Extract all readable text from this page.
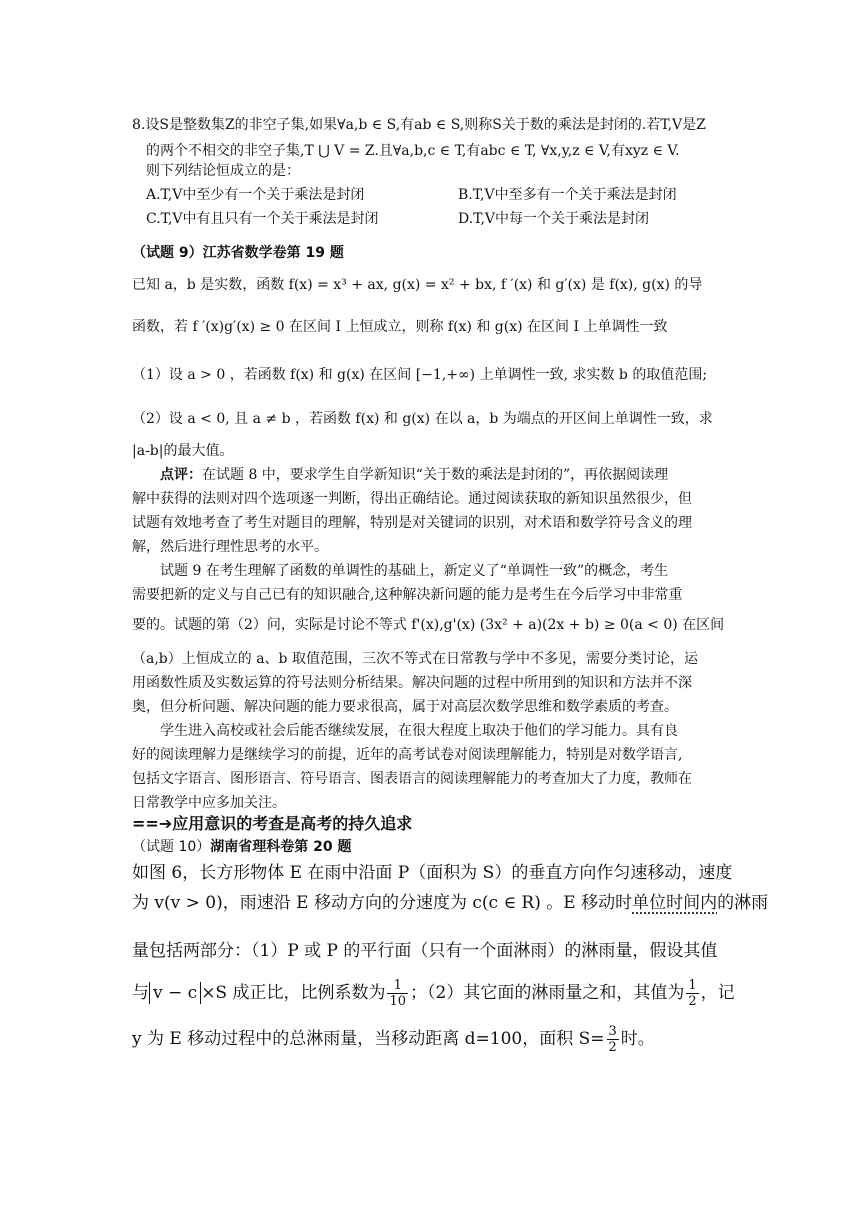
8.设S是整数集Z的非空子集,如果∀a,b ∈ S,有ab ∈ S,则称S关于数的乘法是封闭的.若T,V是Z
的两个不相交的非空子集,T ⋃ V = Z.且∀a,b,c ∈ T,有abc ∈ T, ∀x,y,z ∈ V,有xyz ∈ V.
则下列结论恒成立的是：
A.T,V中至少有一个关于乘法是封闭	B.T,V中至多有一个关于乘法是封闭
C.T,V中有且只有一个关于乘法是封闭	D.T,V中每一个关于乘法是封闭
（试题 9）江苏省数学卷第 19 题
已知 a，b 是实数，函数 f(x) = x³ + ax, g(x) = x² + bx, f ′(x) 和 g′(x) 是 f(x), g(x) 的导
函数，若 f ′(x)g′(x) ≥ 0 在区间 I 上恒成立，则称 f(x) 和 g(x) 在区间 I 上单调性一致
（1）设 a > 0 ，若函数 f(x) 和 g(x) 在区间 [−1,+∞) 上单调性一致, 求实数 b 的取值范围;
（2）设 a < 0, 且 a ≠ b ，若函数 f(x) 和 g(x) 在以 a，b 为端点的开区间上单调性一致，求
|a-b|的最大值。
点评：在试题 8 中，要求学生自学新知识“关于数的乘法是封闭的”，再依据阅读理
解中获得的法则对四个选项逐一判断，得出正确结论。通过阅读获取的新知识虽然很少，但
试题有效地考查了考生对题目的理解，特别是对关键词的识别，对术语和数学符号含义的理
解，然后进行理性思考的水平。
试题 9 在考生理解了函数的单调性的基础上，新定义了“单调性一致”的概念，考生
需要把新的定义与自己已有的知识融合,这种解决新问题的能力是考生在今后学习中非常重
要的。试题的第（2）问，实际是讨论不等式 f'(x),g'(x) (3x² + a)(2x + b) ≥ 0(a < 0) 在区间
（a,b）上恒成立的 a、b 取值范围，三次不等式在日常教与学中不多见，需要分类讨论，运
用函数性质及实数运算的符号法则分析结果。解决问题的过程中所用到的知识和方法并不深
奥，但分析问题、解决问题的能力要求很高，属于对高层次数学思维和数学素质的考查。
学生进入高校或社会后能否继续发展，在很大程度上取决于他们的学习能力。具有良
好的阅读理解力是继续学习的前提，近年的高考试卷对阅读理解能力，特别是对数学语言,
包括文字语言、图形语言、符号语言、图表语言的阅读理解能力的考查加大了力度，教师在
日常教学中应多加关注。
==➔应用意识的考查是高考的持久追求
（试题 10）湖南省理科卷第 20 题
如图 6，长方形物体 E 在雨中沿面 P（面积为 S）的垂直方向作匀速移动，速度
为 v(v > 0)，雨速沿 E 移动方向的分速度为 c(c ∈ R) 。E 移动时单位时间内的淋雨
量包括两部分：（1）P 或 P 的平行面（只有一个面淋雨）的淋雨量，假设其值
与 v − c ×S 成正比，比例系数为 $\frac{1}{10}$ ；（2）其它面的淋雨量之和，其值为 $\frac{1}{2}$ ，记
y 为 E 移动过程中的总淋雨量，当移动距离 d=100，面积 $S= \frac{3}{2}$ 时。
